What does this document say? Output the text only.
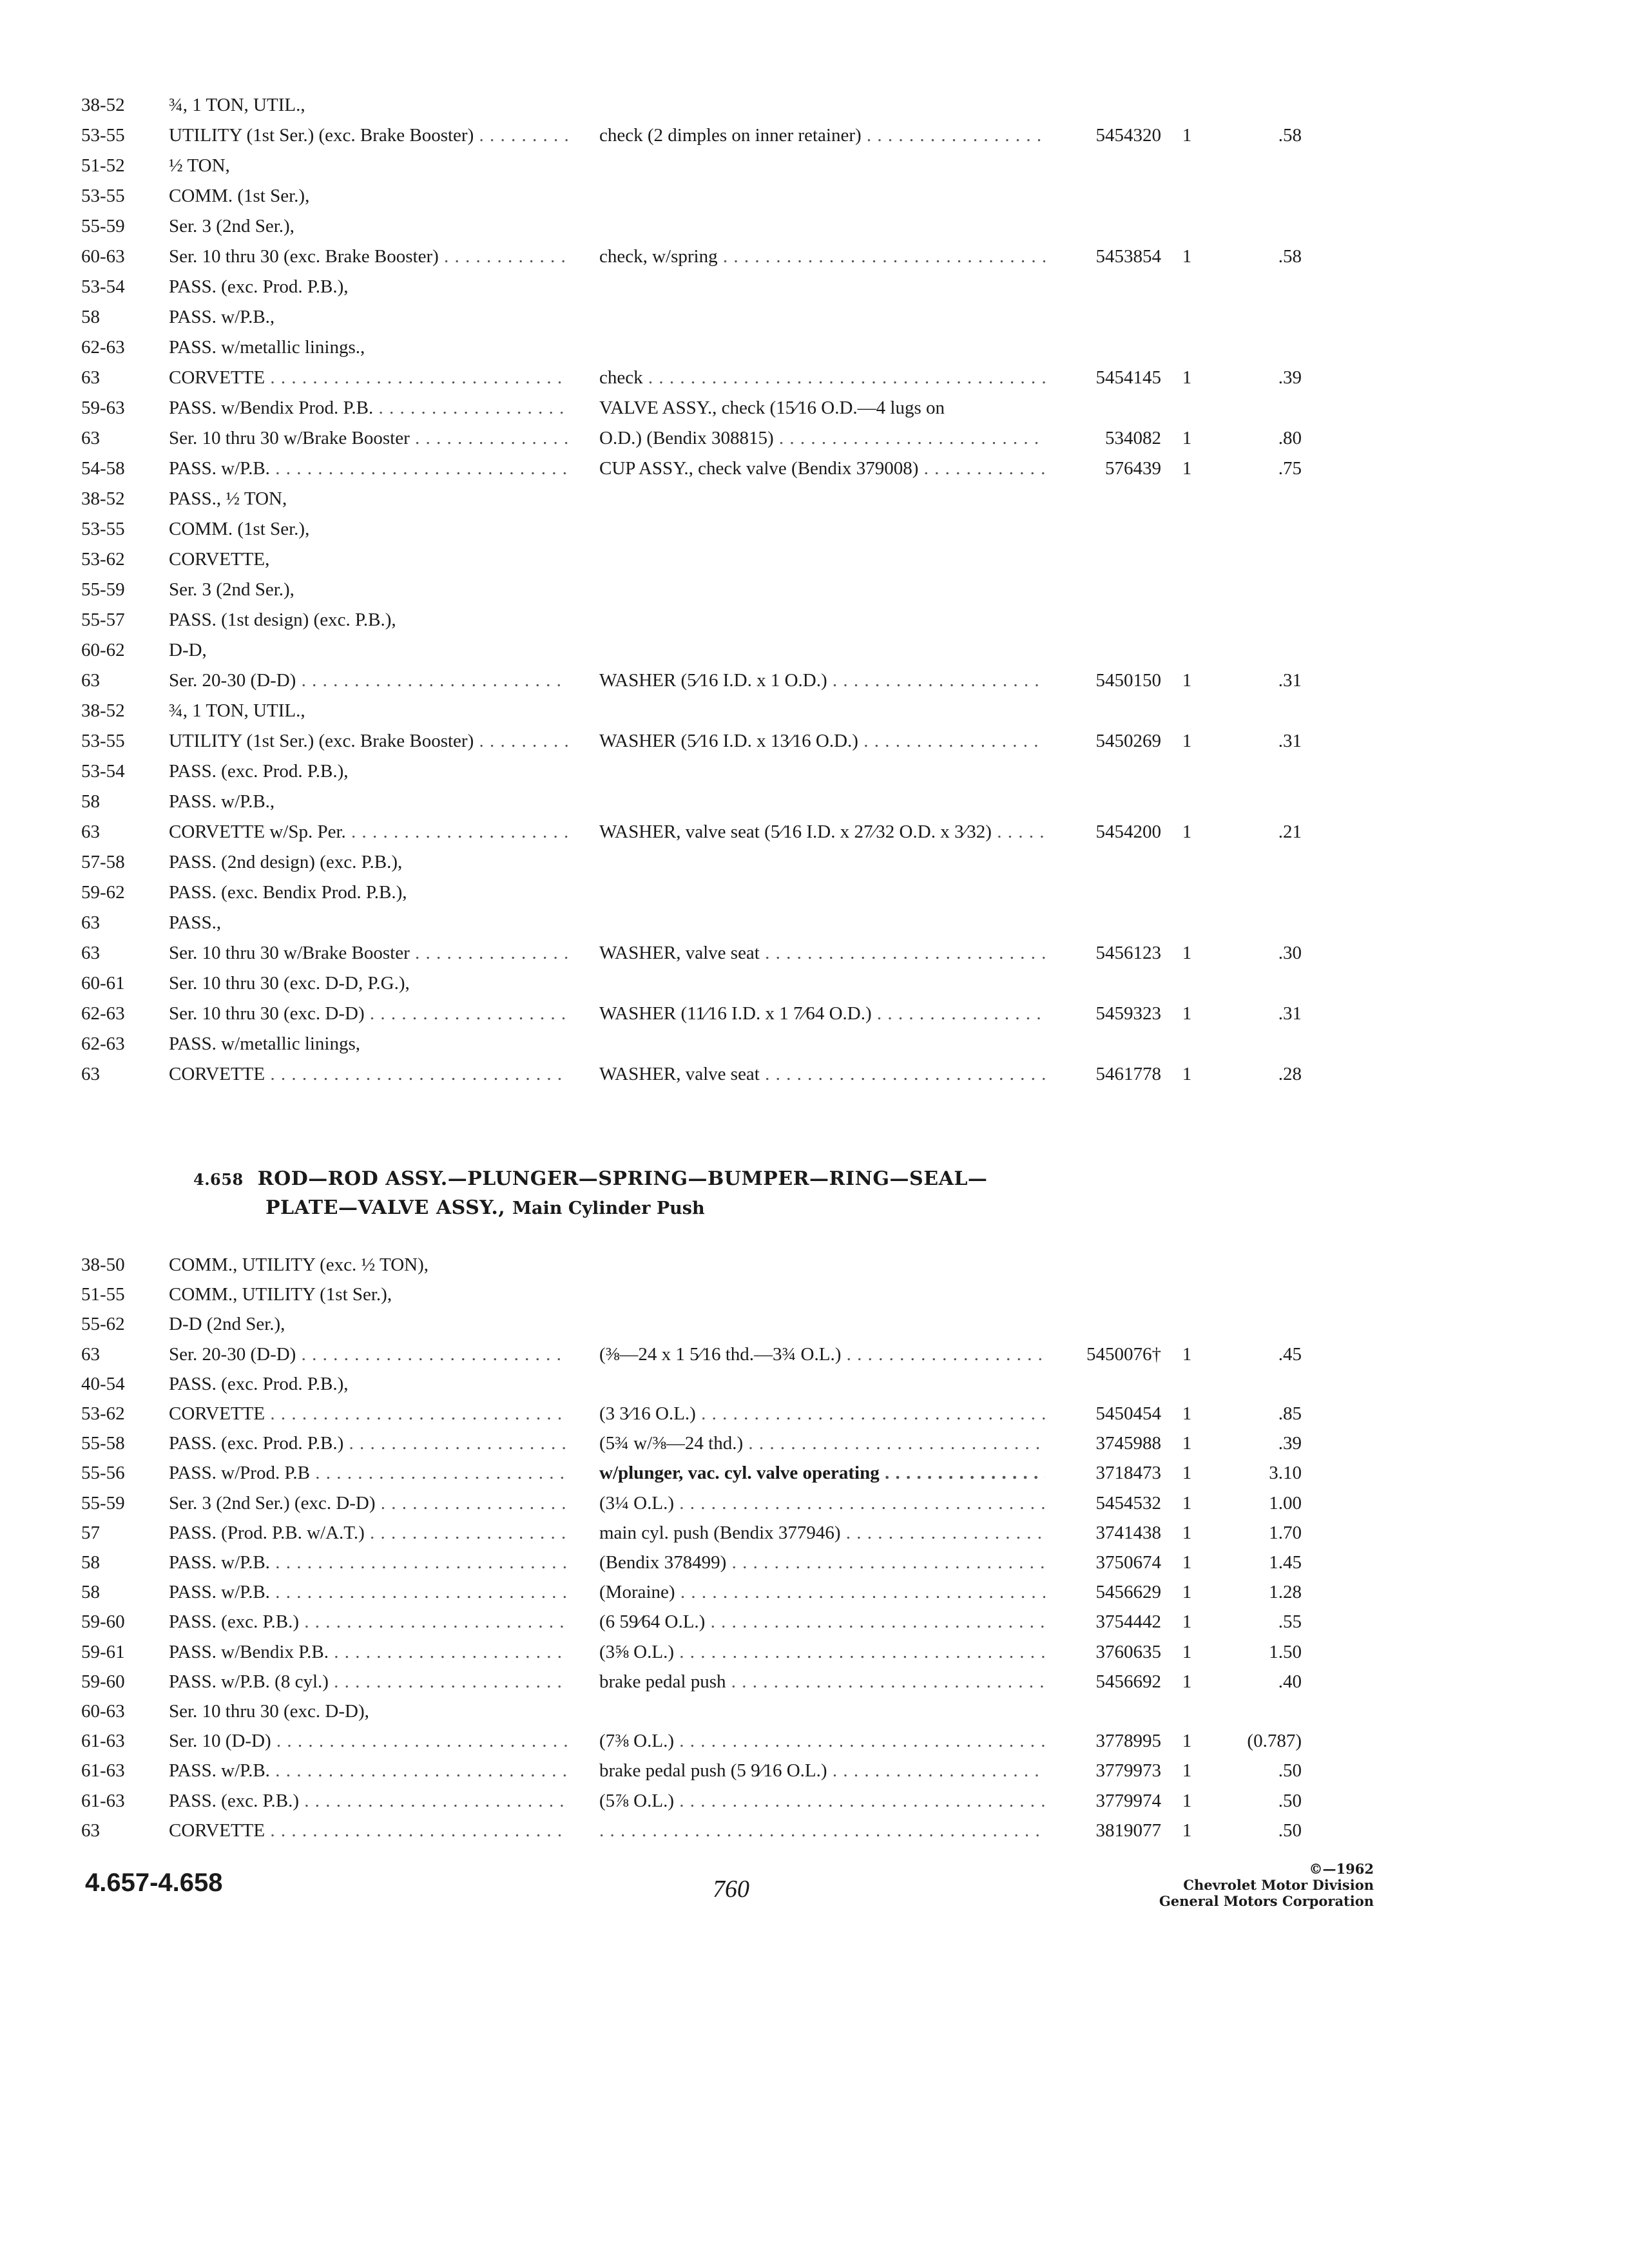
38-52	¾, 1 TON, UTIL.,
53-55	UTILITY (1st Ser.) (exc. Brake Booster) . . .	check (2 dimples on inner retainer) . . .	5454320	1	.58
51-52	½ TON,
53-55	COMM. (1st Ser.),
55-59	Ser. 3 (2nd Ser.),
60-63	Ser. 10 thru 30 (exc. Brake Booster) . . .	check, w/spring . . .	5453854	1	.58
53-54	PASS. (exc. Prod. P.B.),
58	PASS. w/P.B.,
62-63	PASS. w/metallic linings.,
63	CORVETTE . . .	check . . .	5454145	1	.39
59-63	PASS. w/Bendix Prod. P.B. . . .	VALVE ASSY., check (15⁄16 O.D.—4 lugs on
63	Ser. 10 thru 30 w/Brake Booster . . .	O.D.) (Bendix 308815) . . .	534082	1	.80
54-58	PASS. w/P.B. . . .	CUP ASSY., check valve (Bendix 379008) . . .	576439	1	.75
38-52	PASS., ½ TON,
53-55	COMM. (1st Ser.),
53-62	CORVETTE,
55-59	Ser. 3 (2nd Ser.),
55-57	PASS. (1st design) (exc. P.B.),
60-62	D-D,
63	Ser. 20-30 (D-D) . . .	WASHER (5⁄16 I.D. x 1 O.D.) . . .	5450150	1	.31
38-52	¾, 1 TON, UTIL.,
53-55	UTILITY (1st Ser.) (exc. Brake Booster) . . .	WASHER (5⁄16 I.D. x 13⁄16 O.D.) . . .	5450269	1	.31
53-54	PASS. (exc. Prod. P.B.),
58	PASS. w/P.B.,
63	CORVETTE w/Sp. Per. . . .	WASHER, valve seat (5⁄16 I.D. x 27⁄32 O.D. x 3⁄32) . . .	5454200	1	.21
57-58	PASS. (2nd design) (exc. P.B.),
59-62	PASS. (exc. Bendix Prod. P.B.),
63	PASS.,
63	Ser. 10 thru 30 w/Brake Booster . . .	WASHER, valve seat . . .	5456123	1	.30
60-61	Ser. 10 thru 30 (exc. D-D, P.G.),
62-63	Ser. 10 thru 30 (exc. D-D) . . .	WASHER (11⁄16 I.D. x 1 7⁄64 O.D.) . . .	5459323	1	.31
62-63	PASS. w/metallic linings,
63	CORVETTE . . .	WASHER, valve seat . . .	5461778	1	.28
4.658 ROD—ROD ASSY.—PLUNGER—SPRING—BUMPER—RING—SEAL—
PLATE—VALVE ASSY., Main Cylinder Push
38-50	COMM., UTILITY (exc. ½ TON),
51-55	COMM., UTILITY (1st Ser.),
55-62	D-D (2nd Ser.),
63	Ser. 20-30 (D-D) . . .	(⅜—24 x 1 5⁄16 thd.—3¾ O.L.) . . .	5450076†	1	.45
40-54	PASS. (exc. Prod. P.B.),
53-62	CORVETTE . . .	(3 3⁄16 O.L.) . . .	5450454	1	.85
55-58	PASS. (exc. Prod. P.B.) . . .	(5¾ w/⅜—24 thd.) . . .	3745988	1	.39
55-56	PASS. w/Prod. P.B . . .	w/plunger, vac. cyl. valve operating . . .	3718473	1	3.10
55-59	Ser. 3 (2nd Ser.) (exc. D-D) . . .	(3¼ O.L.) . . .	5454532	1	1.00
57	PASS. (Prod. P.B. w/A.T.) . . .	main cyl. push (Bendix 377946) . . .	3741438	1	1.70
58	PASS. w/P.B. . . .	(Bendix 378499) . . .	3750674	1	1.45
58	PASS. w/P.B. . . .	(Moraine) . . .	5456629	1	1.28
59-60	PASS. (exc. P.B.) . . .	(6 59⁄64 O.L.) . . .	3754442	1	.55
59-61	PASS. w/Bendix P.B. . . .	(3⅝ O.L.) . . .	3760635	1	1.50
59-60	PASS. w/P.B. (8 cyl.) . . .	brake pedal push . . .	5456692	1	.40
60-63	Ser. 10 thru 30 (exc. D-D),
61-63	Ser. 10 (D-D) . . .	(7⅜ O.L.) . . .	3778995	1	(0.787)
61-63	PASS. w/P.B. . . .	brake pedal push (5 9⁄16 O.L.) . . .	3779973	1	.50
61-63	PASS. (exc. P.B.) . . .	(5⅞ O.L.) . . .	3779974	1	.50
63	CORVETTE . . .
. . .	3819077	1	.50
4.657-4.658	760
©—1962
Chevrolet Motor Division
General Motors Corporation
